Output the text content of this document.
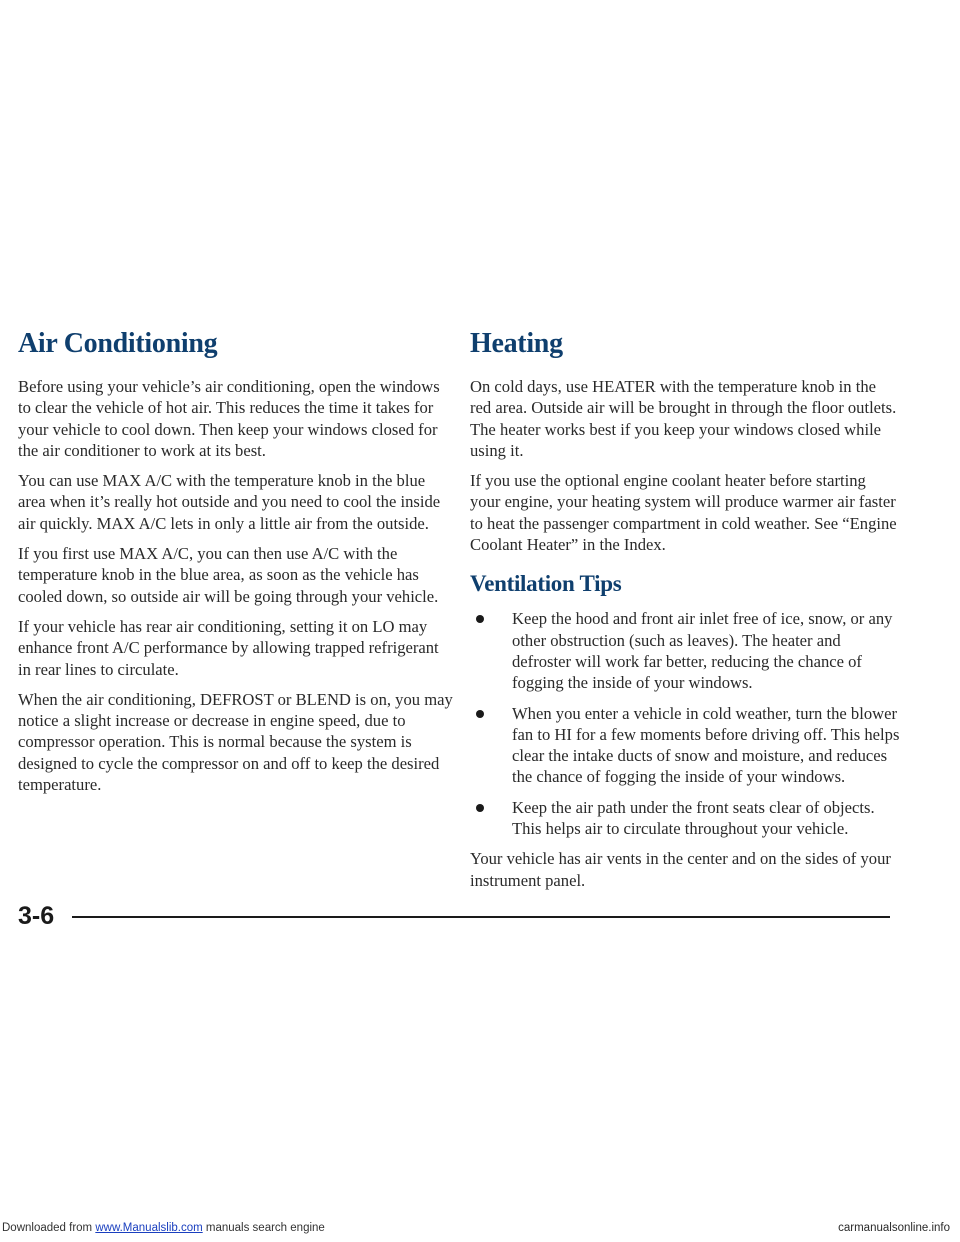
Air Conditioning

Before using your vehicle’s air conditioning, open the windows to clear the vehicle of hot air. This reduces the time it takes for your vehicle to cool down. Then keep your windows closed for the air conditioner to work at its best.

You can use MAX A/C with the temperature knob in the blue area when it’s really hot outside and you need to cool the inside air quickly. MAX A/C lets in only a little air from the outside.

If you first use MAX A/C, you can then use A/C with the temperature knob in the blue area, as soon as the vehicle has cooled down, so outside air will be going through your vehicle.

If your vehicle has rear air conditioning, setting it on LO may enhance front A/C performance by allowing trapped refrigerant in rear lines to circulate.

When the air conditioning, DEFROST or BLEND is on, you may notice a slight increase or decrease in engine speed, due to compressor operation. This is normal because the system is designed to cycle the compressor on and off to keep the desired temperature.

Heating

On cold days, use HEATER with the temperature knob in the red area. Outside air will be brought in through the floor outlets. The heater works best if you keep your windows closed while using it.

If you use the optional engine coolant heater before starting your engine, your heating system will produce warmer air faster to heat the passenger compartment in cold weather. See “Engine Coolant Heater” in the Index.

Ventilation Tips
Keep the hood and front air inlet free of ice, snow, or any other obstruction (such as leaves). The heater and defroster will work far better, reducing the chance of fogging the inside of your windows.
When you enter a vehicle in cold weather, turn the blower fan to HI for a few moments before driving off. This helps clear the intake ducts of snow and moisture, and reduces the chance of fogging the inside of your windows.
Keep the air path under the front seats clear of objects. This helps air to circulate throughout your vehicle.

Your vehicle has air vents in the center and on the sides of your instrument panel.

3-6
Downloaded from www.Manualslib.com manuals search engine	carmanualsonline.info
